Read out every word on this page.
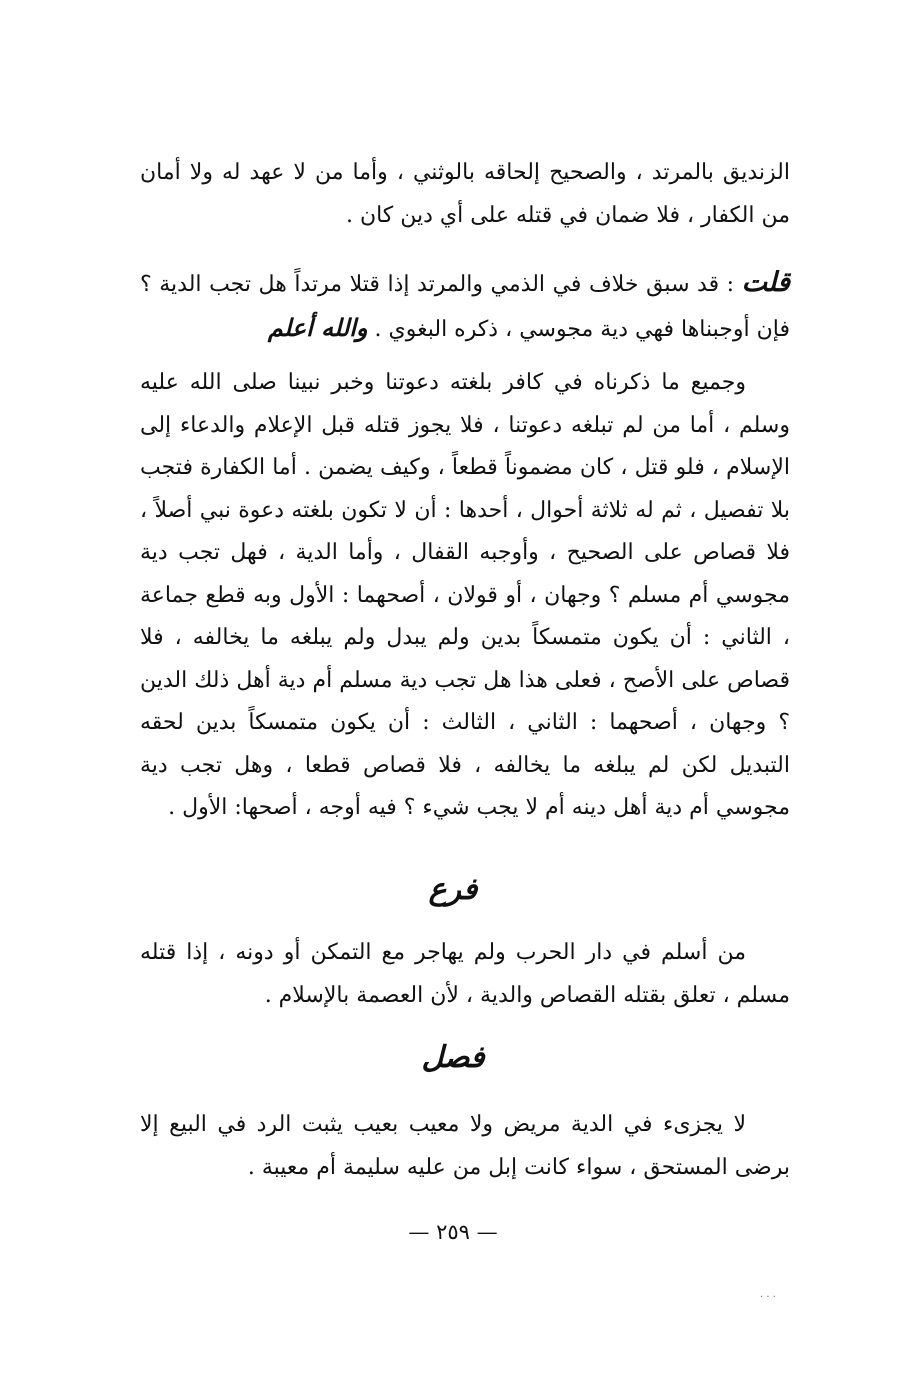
الزنديق بالمرتد ، والصحيح إلحاقه بالوثني ، وأما من لا عهد له ولا أمان من الكفار ، فلا ضمان في قتله على أي دين كان .

قلت : قد سبق خلاف في الذمي والمرتد إذا قتلا مرتداً هل تجب الدية ؟ فإن أوجبناها فهي دية مجوسي ، ذكره البغوي . والله أعلم

وجميع ما ذكرناه في كافر بلغته دعوتنا وخبر نبينا صلى الله عليه وسلم ، أما من لم تبلغه دعوتنا ، فلا يجوز قتله قبل الإعلام والدعاء إلى الإسلام ، فلو قتل ، كان مضموناً قطعاً ، وكيف يضمن . أما الكفارة فتجب بلا تفصيل ، ثم له ثلاثة أحوال ، أحدها : أن لا تكون بلغته دعوة نبي أصلاً ، فلا قصاص على الصحيح ، وأوجبه القفال ، وأما الدية ، فهل تجب دية مجوسي أم مسلم ؟ وجهان ، أو قولان ، أصحهما : الأول وبه قطع جماعة ، الثاني : أن يكون متمسكاً بدين ولم يبدل ولم يبلغه ما يخالفه ، فلا قصاص على الأصح ، فعلى هذا هل تجب دية مسلم أم دية أهل ذلك الدين ؟ وجهان ، أصحهما : الثاني ، الثالث : أن يكون متمسكاً بدين لحقه التبديل لكن لم يبلغه ما يخالفه ، فلا قصاص قطعا ، وهل تجب دية مجوسي أم دية أهل دينه أم لا يجب شيء ؟ فيه أوجه ، أصحها: الأول .

فرع

من أسلم في دار الحرب ولم يهاجر مع التمكن أو دونه ، إذا قتله مسلم ، تعلق بقتله القصاص والدية ، لأن العصمة بالإسلام .

فصل

لا يجزىء في الدية مريض ولا معيب بعيب يثبت الرد في البيع إلا برضى المستحق ، سواء كانت إبل من عليه سليمة أم معيبة .

— ٢٥٩ —
· · ·
